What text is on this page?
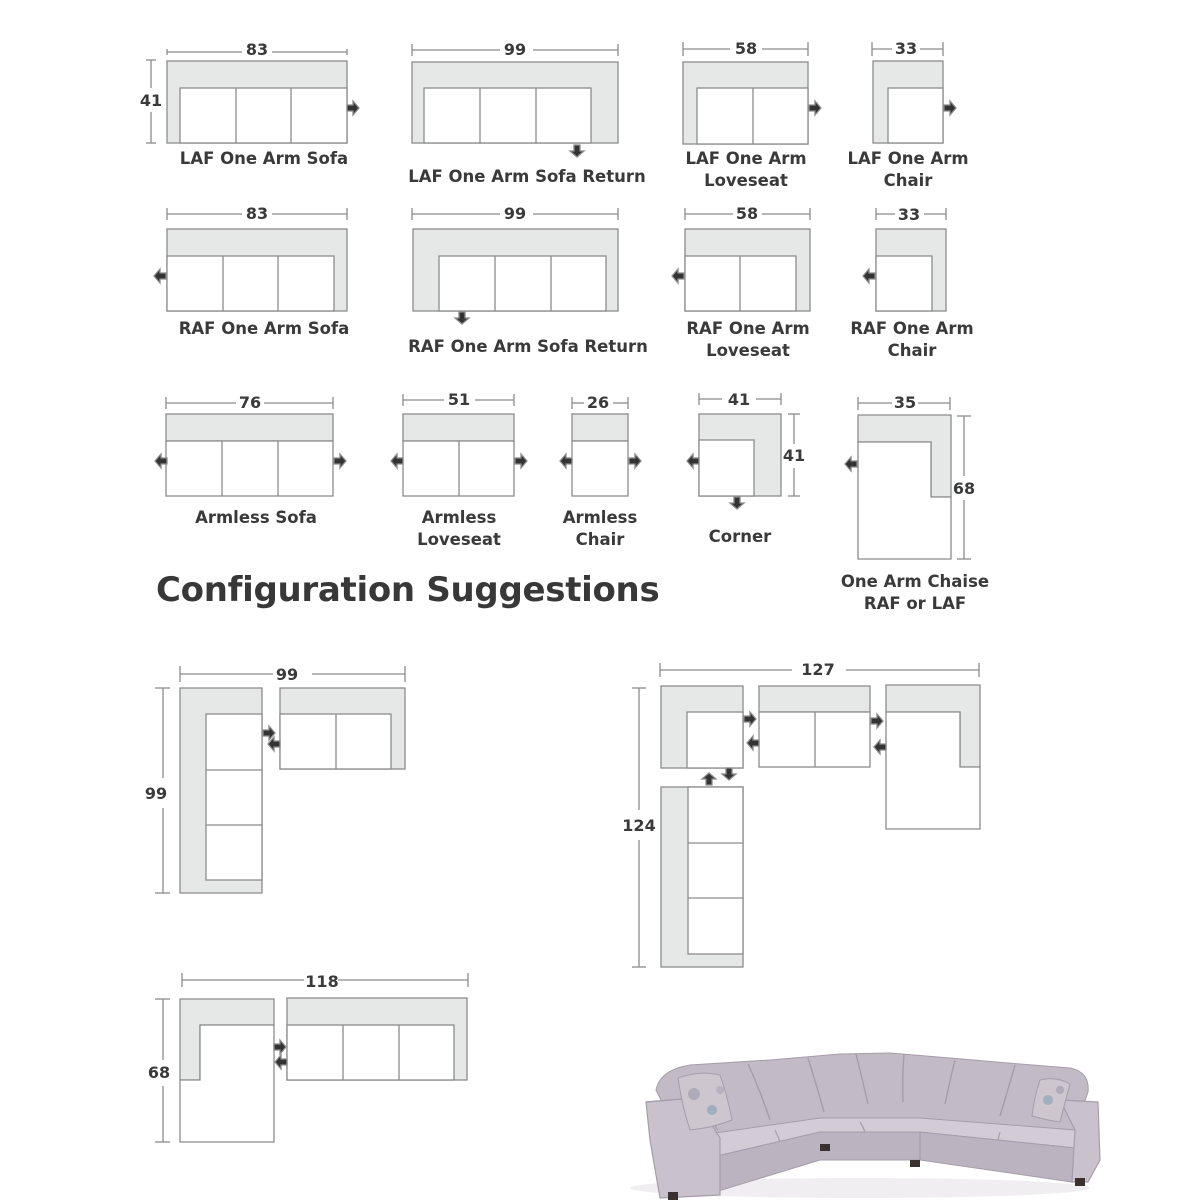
83
41
99	58	33
83	99	58	33
76	51	26	41
41
35
68
99
99
127
124
118
68
LAF One Arm Sofa
LAF One Arm Sofa Return
LAF One Arm
Loveseat
LAF One Arm
Chair
RAF One Arm Sofa
RAF One Arm Sofa Return
RAF One Arm
Loveseat
RAF One Arm
Chair
Armless Sofa	Armless
Loveseat
Armless
Chair	Corner
One Arm Chaise
RAF or LAF
Configuration Suggestions
